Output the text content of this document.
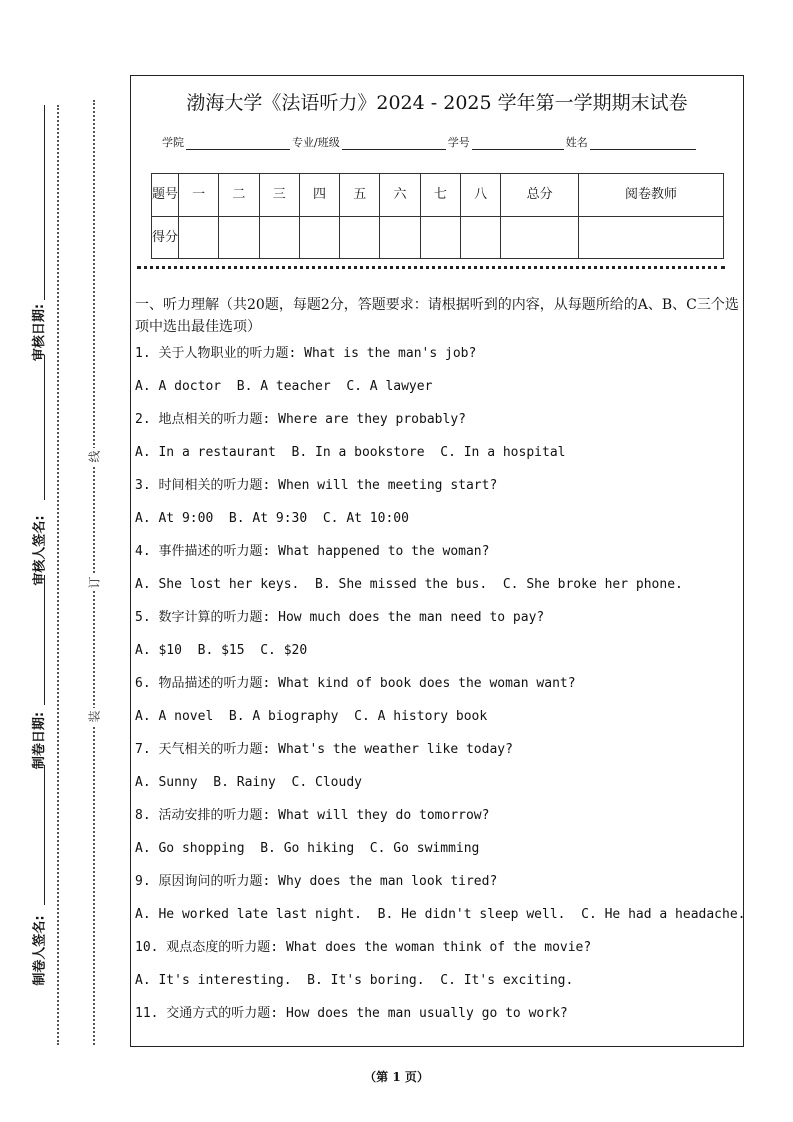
审核日期:
审核人签名:
制卷日期:
制卷人签名:
线
订
装
渤海大学《法语听力》2024 - 2025 学年第一学期期末试卷
学院	专业/班级	学号	姓名
题号	一	二	三	四	五	六	七	八	总分	阅卷教师
得分										
一、听力理解（共20题，每题2分，答题要求：请根据听到的内容，从每题所给的A、B、C三个选项中选出最佳选项）
1. 关于人物职业的听力题: What is the man's job?
A. A doctor  B. A teacher  C. A lawyer
2. 地点相关的听力题: Where are they probably?
A. In a restaurant  B. In a bookstore  C. In a hospital
3. 时间相关的听力题: When will the meeting start?
A. At 9:00  B. At 9:30  C. At 10:00
4. 事件描述的听力题: What happened to the woman?
A. She lost her keys.  B. She missed the bus.  C. She broke her phone.
5. 数字计算的听力题: How much does the man need to pay?
A. $10  B. $15  C. $20
6. 物品描述的听力题: What kind of book does the woman want?
A. A novel  B. A biography  C. A history book
7. 天气相关的听力题: What's the weather like today?
A. Sunny  B. Rainy  C. Cloudy
8. 活动安排的听力题: What will they do tomorrow?
A. Go shopping  B. Go hiking  C. Go swimming
9. 原因询问的听力题: Why does the man look tired?
A. He worked late last night.  B. He didn't sleep well.  C. He had a headache.
10. 观点态度的听力题: What does the woman think of the movie?
A. It's interesting.  B. It's boring.  C. It's exciting.
11. 交通方式的听力题: How does the man usually go to work?
（第 1 页）
